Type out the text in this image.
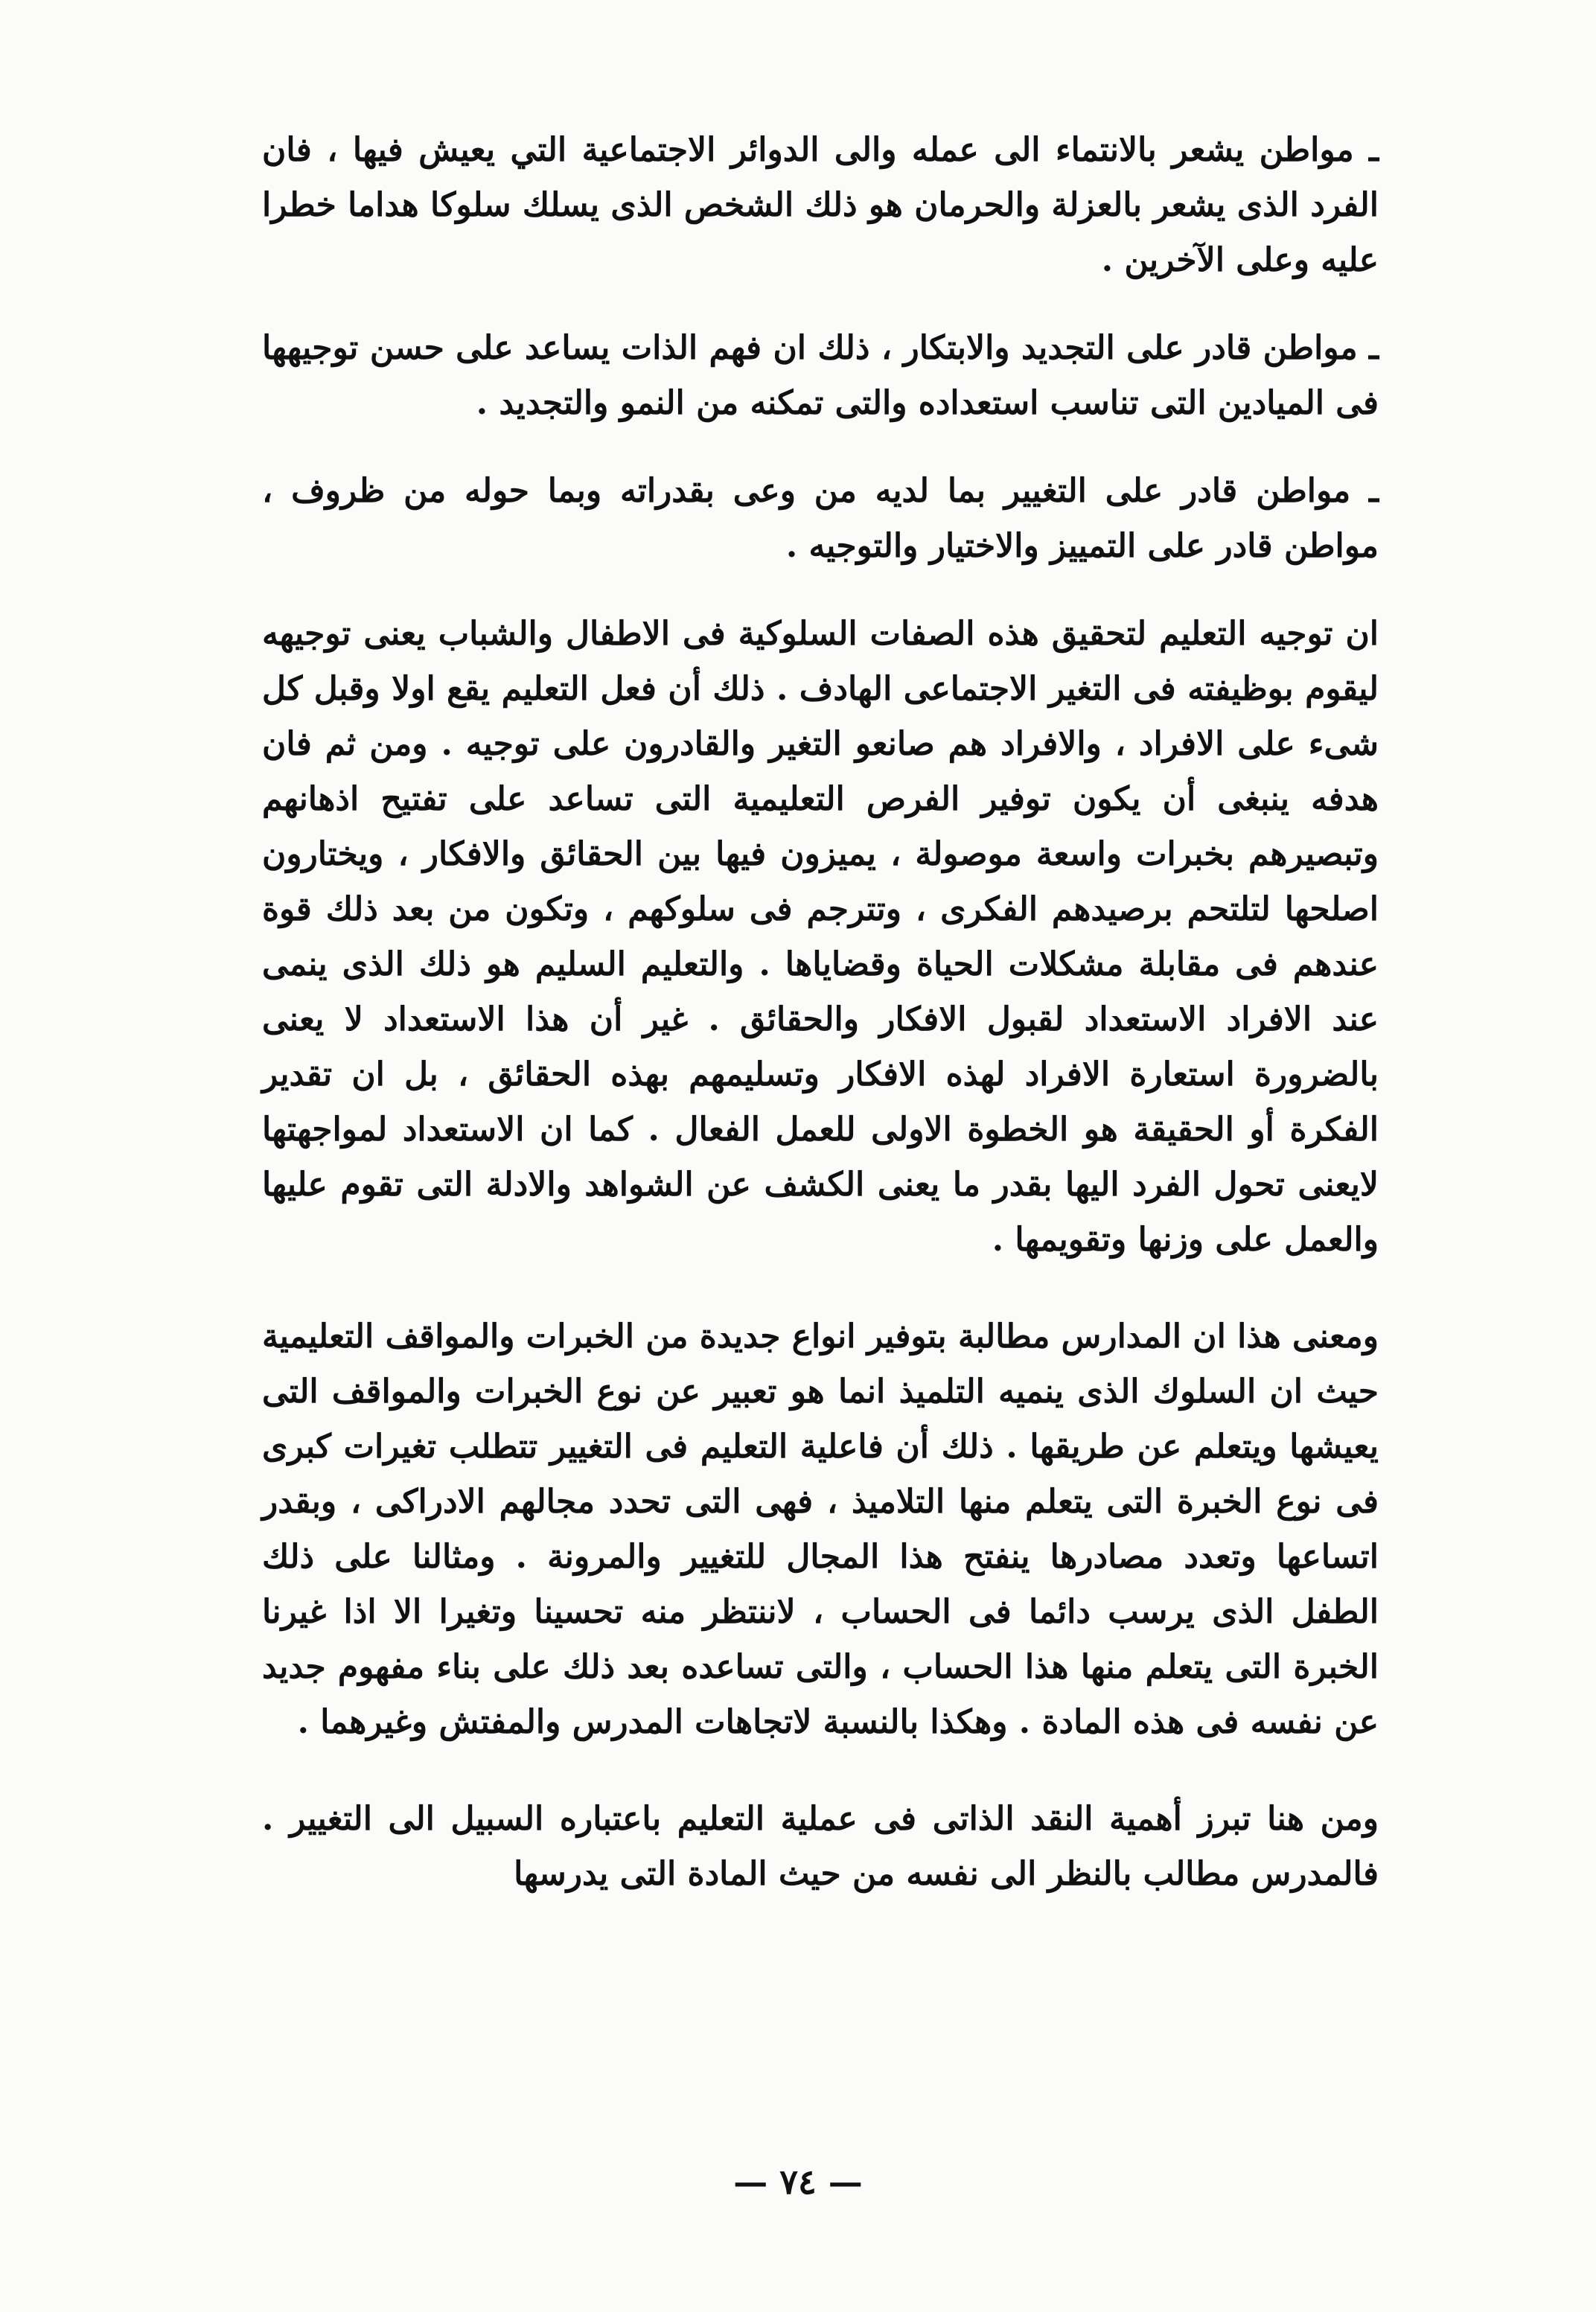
ـ مواطن يشعر بالانتماء الى عمله والى الدوائر الاجتماعية التي يعيش فيها ، فان الفرد الذى يشعر بالعزلة والحرمان هو ذلك الشخص الذى يسلك سلوكا هداما خطرا عليه وعلى الآخرين .

ـ مواطن قادر على التجديد والابتكار ، ذلك ان فهم الذات يساعد على حسن توجيهها فى الميادين التى تناسب استعداده والتى تمكنه من النمو والتجديد .

ـ مواطن قادر على التغيير بما لديه من وعى بقدراته وبما حوله من ظروف ، مواطن قادر على التمييز والاختيار والتوجيه .

ان توجيه التعليم لتحقيق هذه الصفات السلوكية فى الاطفال والشباب يعنى توجيهه ليقوم بوظيفته فى التغير الاجتماعى الهادف . ذلك أن فعل التعليم يقع اولا وقبل كل شىء على الافراد ، والافراد هم صانعو التغير والقادرون على توجيه . ومن ثم فان هدفه ينبغى أن يكون توفير الفرص التعليمية التى تساعد على تفتيح اذهانهم وتبصيرهم بخبرات واسعة موصولة ، يميزون فيها بين الحقائق والافكار ، ويختارون اصلحها لتلتحم برصيدهم الفكرى ، وتترجم فى سلوكهم ، وتكون من بعد ذلك قوة عندهم فى مقابلة مشكلات الحياة وقضاياها . والتعليم السليم هو ذلك الذى ينمى عند الافراد الاستعداد لقبول الافكار والحقائق . غير أن هذا الاستعداد لا يعنى بالضرورة استعارة الافراد لهذه الافكار وتسليمهم بهذه الحقائق ، بل ان تقدير الفكرة أو الحقيقة هو الخطوة الاولى للعمل الفعال . كما ان الاستعداد لمواجهتها لايعنى تحول الفرد اليها بقدر ما يعنى الكشف عن الشواهد والادلة التى تقوم عليها والعمل على وزنها وتقويمها .

ومعنى هذا ان المدارس مطالبة بتوفير انواع جديدة من الخبرات والمواقف التعليمية حيث ان السلوك الذى ينميه التلميذ انما هو تعبير عن نوع الخبرات والمواقف التى يعيشها ويتعلم عن طريقها . ذلك أن فاعلية التعليم فى التغيير تتطلب تغيرات كبرى فى نوع الخبرة التى يتعلم منها التلاميذ ، فهى التى تحدد مجالهم الادراكى ، وبقدر اتساعها وتعدد مصادرها ينفتح هذا المجال للتغيير والمرونة . ومثالنا على ذلك الطفل الذى يرسب دائما فى الحساب ، لاننتظر منه تحسينا وتغيرا الا اذا غيرنا الخبرة التى يتعلم منها هذا الحساب ، والتى تساعده بعد ذلك على بناء مفهوم جديد عن نفسه فى هذه المادة . وهكذا بالنسبة لاتجاهات المدرس والمفتش وغيرهما .

ومن هنا تبرز أهمية النقد الذاتى فى عملية التعليم باعتباره السبيل الى التغيير . فالمدرس مطالب بالنظر الى نفسه من حيث المادة التى يدرسها

— ٧٤ —
